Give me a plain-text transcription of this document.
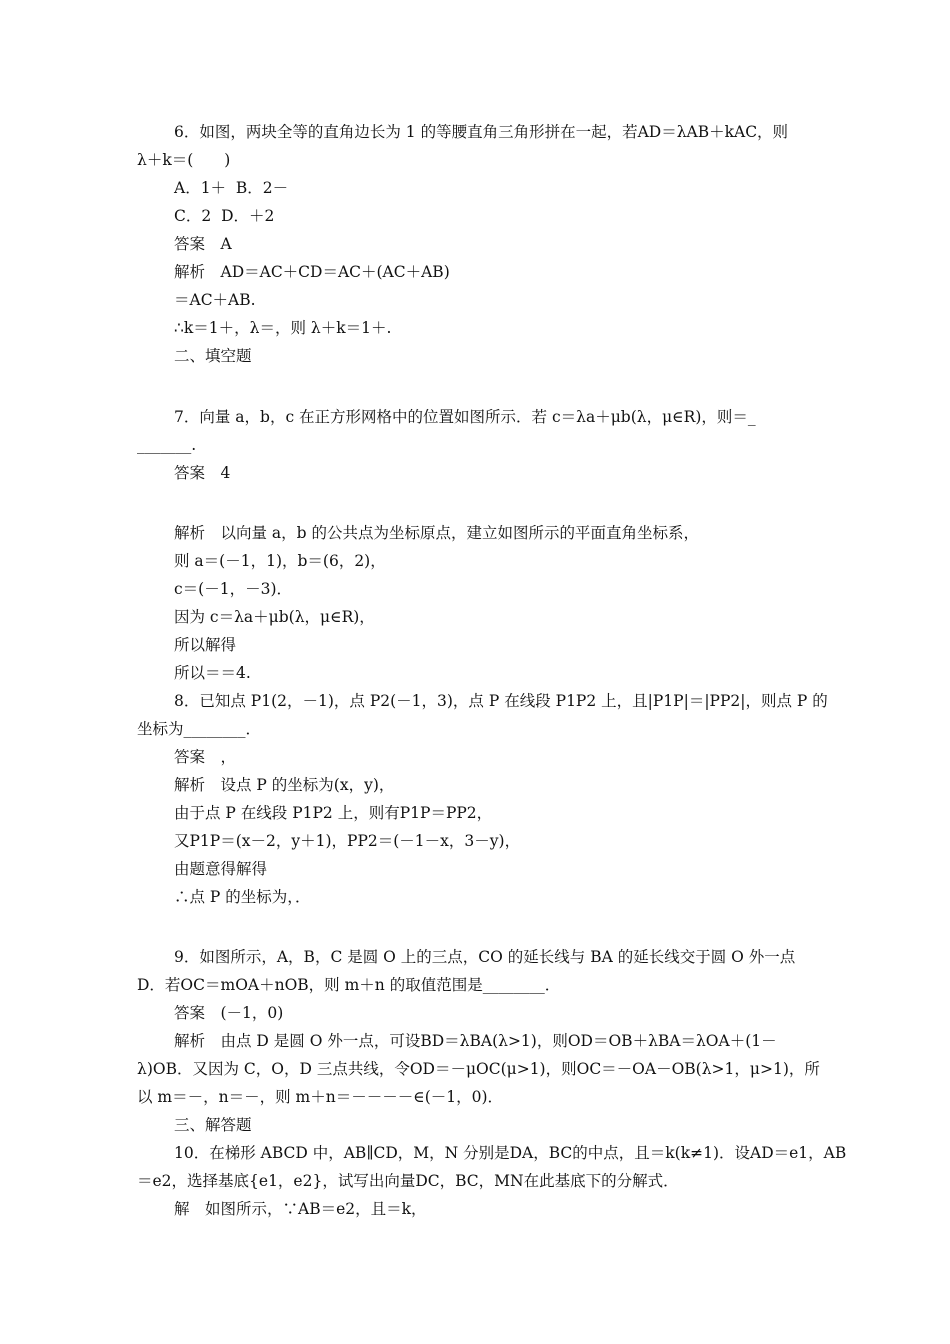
6．如图，两块全等的直角边长为 1 的等腰直角三角形拼在一起，若AD＝λAB＋kAC，则
λ＋k＝(　　)
A．1＋  B．2－
C．2  D．＋2
答案　A
解析　AD＝AC＋CD＝AC＋(AC＋AB)
＝AC＋AB.
∴k＝1＋，λ＝，则 λ＋k＝1＋.
二、填空题
7．向量 a，b，c 在正方形网格中的位置如图所示．若 c＝λa＋μb(λ，μ∈R)，则＝_
_______.
答案　4
解析　以向量 a，b 的公共点为坐标原点，建立如图所示的平面直角坐标系，
则 a＝(－1，1)，b＝(6，2)，
c＝(－1，－3)．
因为 c＝λa＋μb(λ，μ∈R)，
所以解得
所以＝＝4.
8．已知点 P1(2，－1)，点 P2(－1，3)，点 P 在线段 P1P2 上，且|P1P|＝|PP2|，则点 P 的
坐标为________．
答案　，
解析　设点 P 的坐标为(x，y)，
由于点 P 在线段 P1P2 上，则有P1P＝PP2，
又P1P＝(x－2，y＋1)，PP2＝(－1－x，3－y)，
由题意得解得
∴点 P 的坐标为，．
9．如图所示，A，B，C 是圆 O 上的三点，CO 的延长线与 BA 的延长线交于圆 O 外一点
D．若OC＝mOA＋nOB，则 m＋n 的取值范围是________．
答案　(－1，0)
解析　由点 D 是圆 O 外一点，可设BD＝λBA(λ>1)，则OD＝OB＋λBA＝λOA＋(1－
λ)OB．又因为 C，O，D 三点共线，令OD＝－μOC(μ>1)，则OC＝－OA－OB(λ>1，μ>1)，所
以 m＝－，n＝－，则 m＋n＝－－－－∈(－1，0)．
三、解答题
10．在梯形 ABCD 中，AB∥CD，M，N 分别是DA，BC的中点，且＝k(k≠1)．设AD＝e1，AB
＝e2，选择基底{e1，e2}，试写出向量DC，BC，MN在此基底下的分解式．
解　如图所示，∵AB＝e2，且＝k，
